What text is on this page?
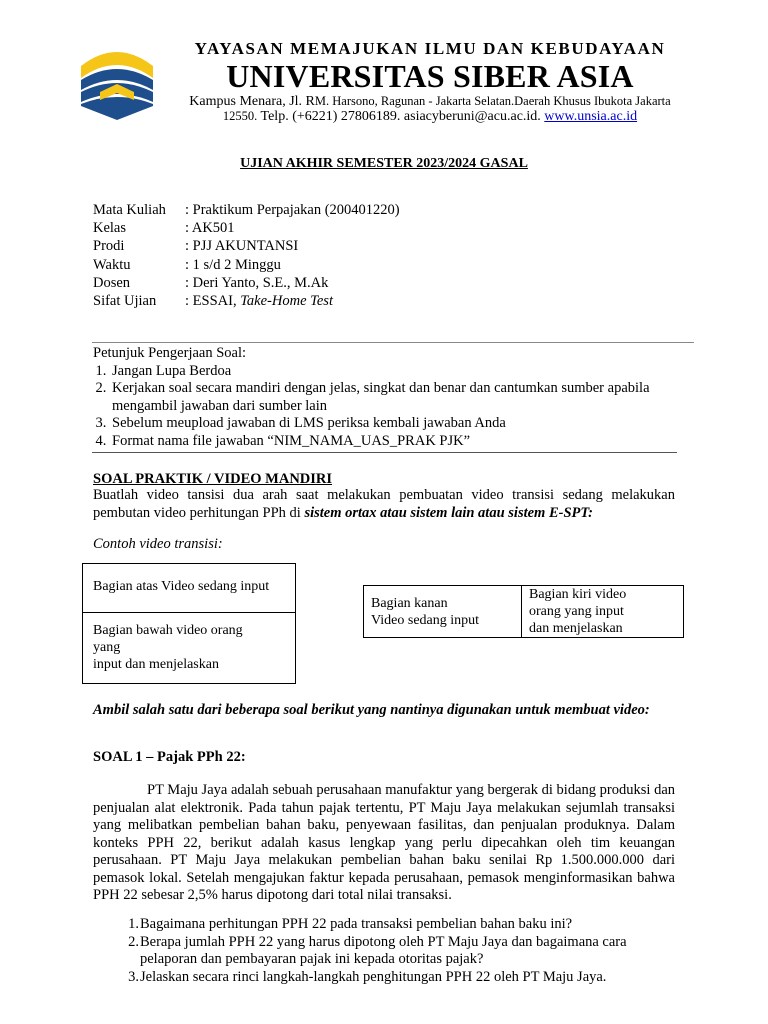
YAYASAN MEMAJUKAN ILMU DAN KEBUDAYAAN
UNIVERSITAS SIBER ASIA
Kampus Menara, Jl. RM. Harsono, Ragunan - Jakarta Selatan.Daerah Khusus Ibukota Jakarta
12550. Telp. (+6221) 27806189. asiacyberuni@acu.ac.id. www.unsia.ac.id
UJIAN AKHIR SEMESTER 2023/2024 GASAL
Mata Kuliah	: Praktikum Perpajakan (200401220)
Kelas	: AK501
Prodi	: PJJ AKUNTANSI
Waktu	: 1 s/d 2 Minggu
Dosen	: Deri Yanto, S.E., M.Ak
Sifat Ujian	: ESSAI, Take-Home Test
Petunjuk Pengerjaan Soal:
1. Jangan Lupa Berdoa
2. Kerjakan soal secara mandiri dengan jelas, singkat dan benar dan cantumkan sumber apabila mengambil jawaban dari sumber lain
3. Sebelum meupload jawaban di LMS periksa kembali jawaban Anda
4. Format nama file jawaban “NIM_NAMA_UAS_PRAK PJK”
SOAL PRAKTIK / VIDEO MANDIRI
Buatlah video tansisi dua arah saat melakukan pembuatan video transisi sedang melakukan pembutan video perhitungan PPh di sistem ortax atau sistem lain atau sistem E-SPT:
Contoh video transisi:
Bagian atas Video sedang input
Bagian bawah video orang
yang
input dan menjelaskan
Bagian kanan
Video sedang input
Bagian kiri video
orang yang input
dan menjelaskan
Ambil salah satu dari beberapa soal berikut yang nantinya digunakan untuk membuat video:
SOAL 1 – Pajak PPh 22:
PT Maju Jaya adalah sebuah perusahaan manufaktur yang bergerak di bidang produksi dan penjualan alat elektronik. Pada tahun pajak tertentu, PT Maju Jaya melakukan sejumlah transaksi yang melibatkan pembelian bahan baku, penyewaan fasilitas, dan penjualan produknya. Dalam konteks PPH 22, berikut adalah kasus lengkap yang perlu dipecahkan oleh tim keuangan perusahaan. PT Maju Jaya melakukan pembelian bahan baku senilai Rp 1.500.000.000 dari pemasok lokal. Setelah mengajukan faktur kepada perusahaan, pemasok menginformasikan bahwa PPH 22 sebesar 2,5% harus dipotong dari total nilai transaksi.
1. Bagaimana perhitungan PPH 22 pada transaksi pembelian bahan baku ini?
2. Berapa jumlah PPH 22 yang harus dipotong oleh PT Maju Jaya dan bagaimana cara pelaporan dan pembayaran pajak ini kepada otoritas pajak?
3. Jelaskan secara rinci langkah-langkah penghitungan PPH 22 oleh PT Maju Jaya.
